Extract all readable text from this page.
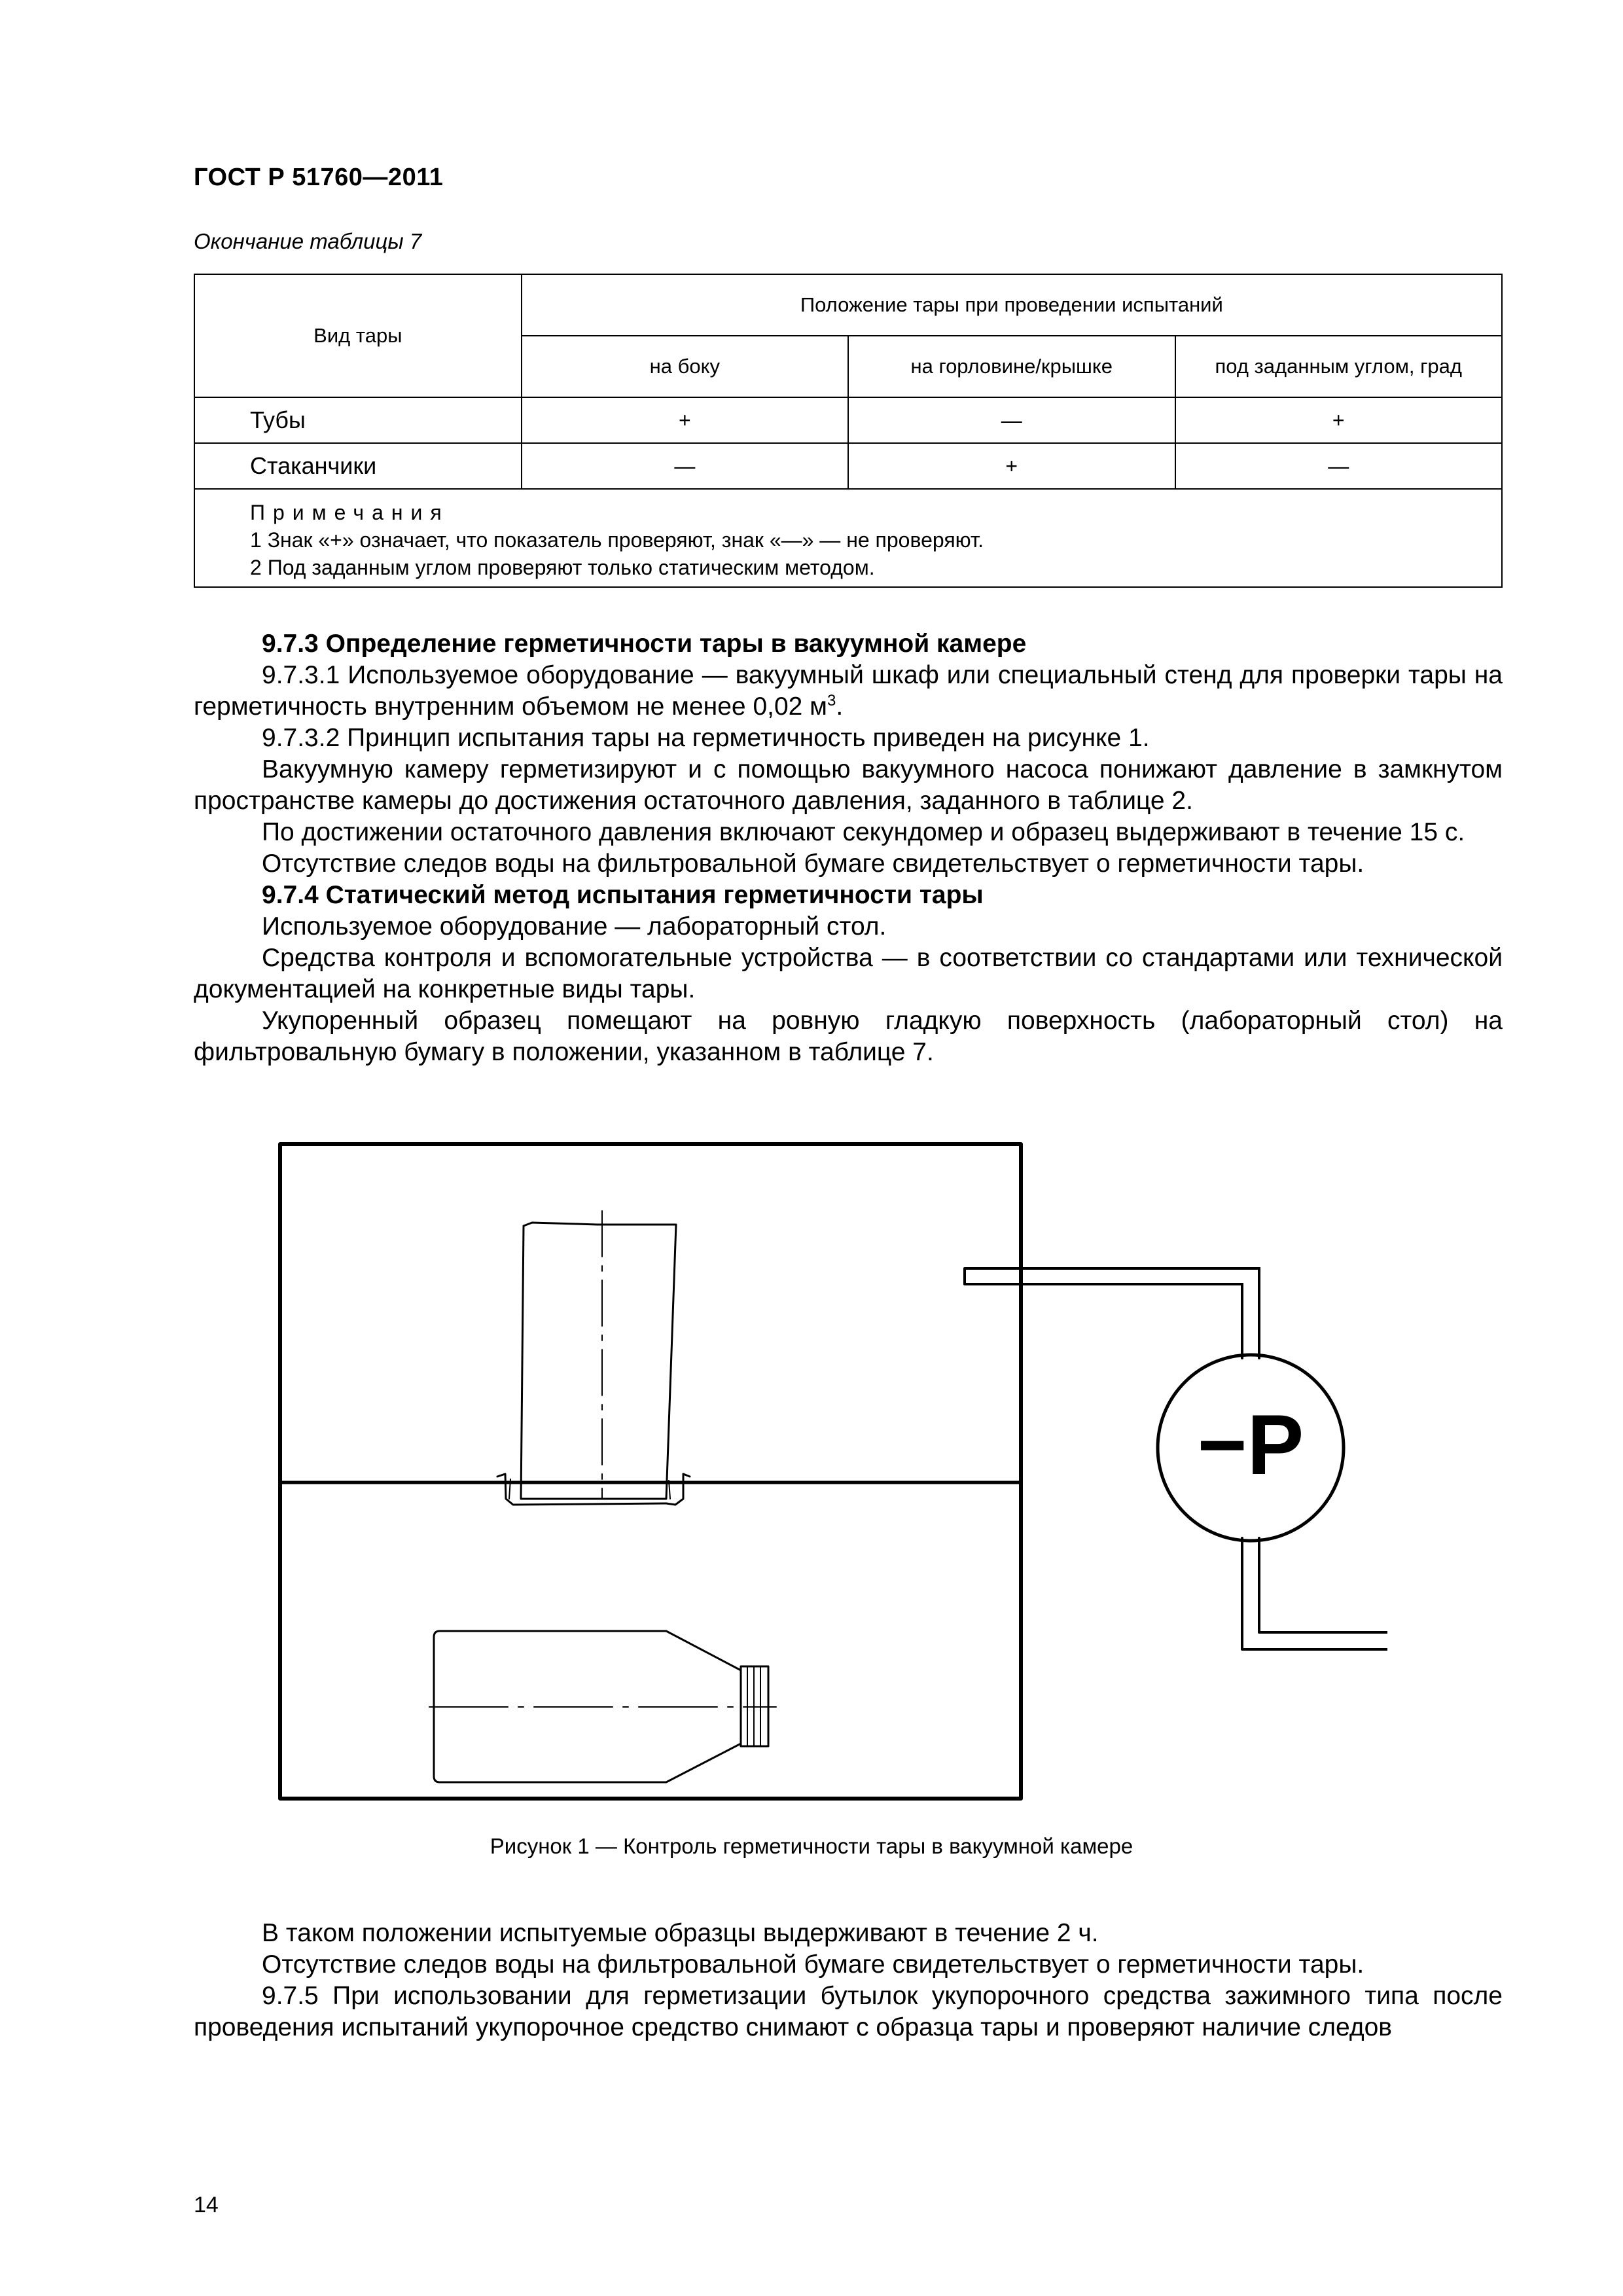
ГОСТ Р 51760—2011
Окончание таблицы 7
Вид тары	Положение тары при проведении испытаний		
	на боку	на горловине/крышке	под заданным углом, град
Тубы	+	—	+
Стаканчики	—	+	—

Примечания
1 Знак «+» означает, что показатель проверяют, знак «—» — не проверяют.
2 Под заданным углом проверяют только статическим методом.			

9.7.3 Определение герметичности тары в вакуумной камере

9.7.3.1 Используемое оборудование — вакуумный шкаф или специальный стенд для проверки тары на герметичность внутренним объемом не менее 0,02 $м^3$.

9.7.3.2 Принцип испытания тары на герметичность приведен на рисунке 1.

Вакуумную камеру герметизируют и с помощью вакуумного насоса понижают давление в замкнутом пространстве камеры до достижения остаточного давления, заданного в таблице 2.

По достижении остаточного давления включают секундомер и образец выдерживают в течение 15 с.

Отсутствие следов воды на фильтровальной бумаге свидетельствует о герметичности тары.

9.7.4 Статический метод испытания герметичности тары

Используемое оборудование — лабораторный стол.

Средства контроля и вспомогательные устройства — в соответствии со стандартами или технической документацией на конкретные виды тары.

Укупоренный образец помещают на ровную гладкую поверхность (лабораторный стол) на фильтровальную бумагу в положении, указанном в таблице 7.

−P
Рисунок 1 — Контроль герметичности тары в вакуумной камере

В таком положении испытуемые образцы выдерживают в течение 2 ч.

Отсутствие следов воды на фильтровальной бумаге свидетельствует о герметичности тары.

9.7.5 При использовании для герметизации бутылок укупорочного средства зажимного типа после проведения испытаний укупорочное средство снимают с образца тары и проверяют наличие следов

14
